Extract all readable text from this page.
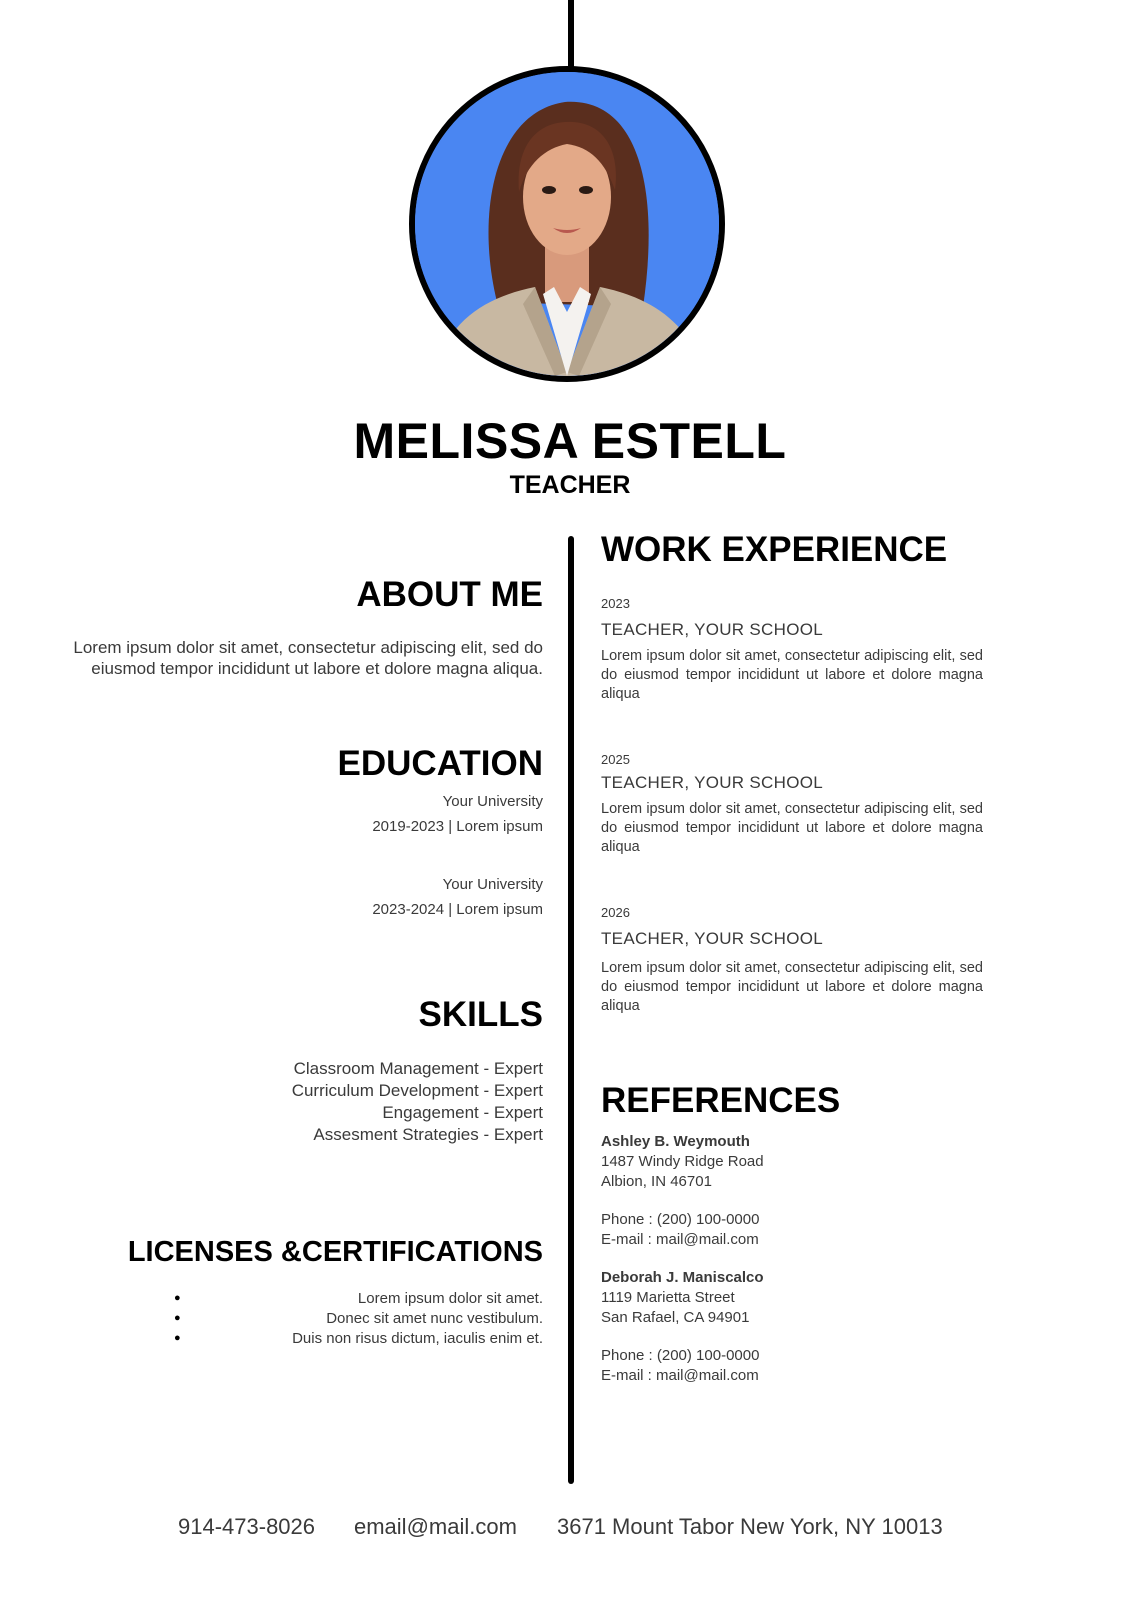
MELISSA ESTELL
TEACHER
ABOUT ME
Lorem ipsum dolor sit amet, consectetur adipiscing elit, sed do eiusmod tempor incididunt ut labore et dolore magna aliqua.
EDUCATION
Your University
2019-2023 | Lorem ipsum
Your University
2023-2024 | Lorem ipsum
SKILLS
Classroom Management - Expert
Curriculum Development - Expert
Engagement - Expert
Assesment Strategies - Expert
LICENSES &CERTIFICATIONS
●	Lorem ipsum dolor sit amet.
●	Donec sit amet nunc vestibulum.
●	Duis non risus dictum, iaculis enim et.
WORK EXPERIENCE
2023
TEACHER, YOUR SCHOOL
Lorem ipsum dolor sit amet, consectetur adipiscing elit, sed do eiusmod tempor incididunt ut labore et dolore magna aliqua
2025
TEACHER, YOUR SCHOOL
Lorem ipsum dolor sit amet, consectetur adipiscing elit, sed do eiusmod tempor incididunt ut labore et dolore magna aliqua
2026
TEACHER, YOUR SCHOOL
Lorem ipsum dolor sit amet, consectetur adipiscing elit, sed do eiusmod tempor incididunt ut labore et dolore magna aliqua
REFERENCES
Ashley B. Weymouth
1487 Windy Ridge Road
Albion, IN 46701
Phone : (200) 100-0000
E-mail : mail@mail.com
Deborah J. Maniscalco
1119 Marietta Street
San Rafael, CA 94901
Phone : (200) 100-0000
E-mail : mail@mail.com
914-473-8026 email@mail.com 3671 Mount Tabor New York, NY 10013
